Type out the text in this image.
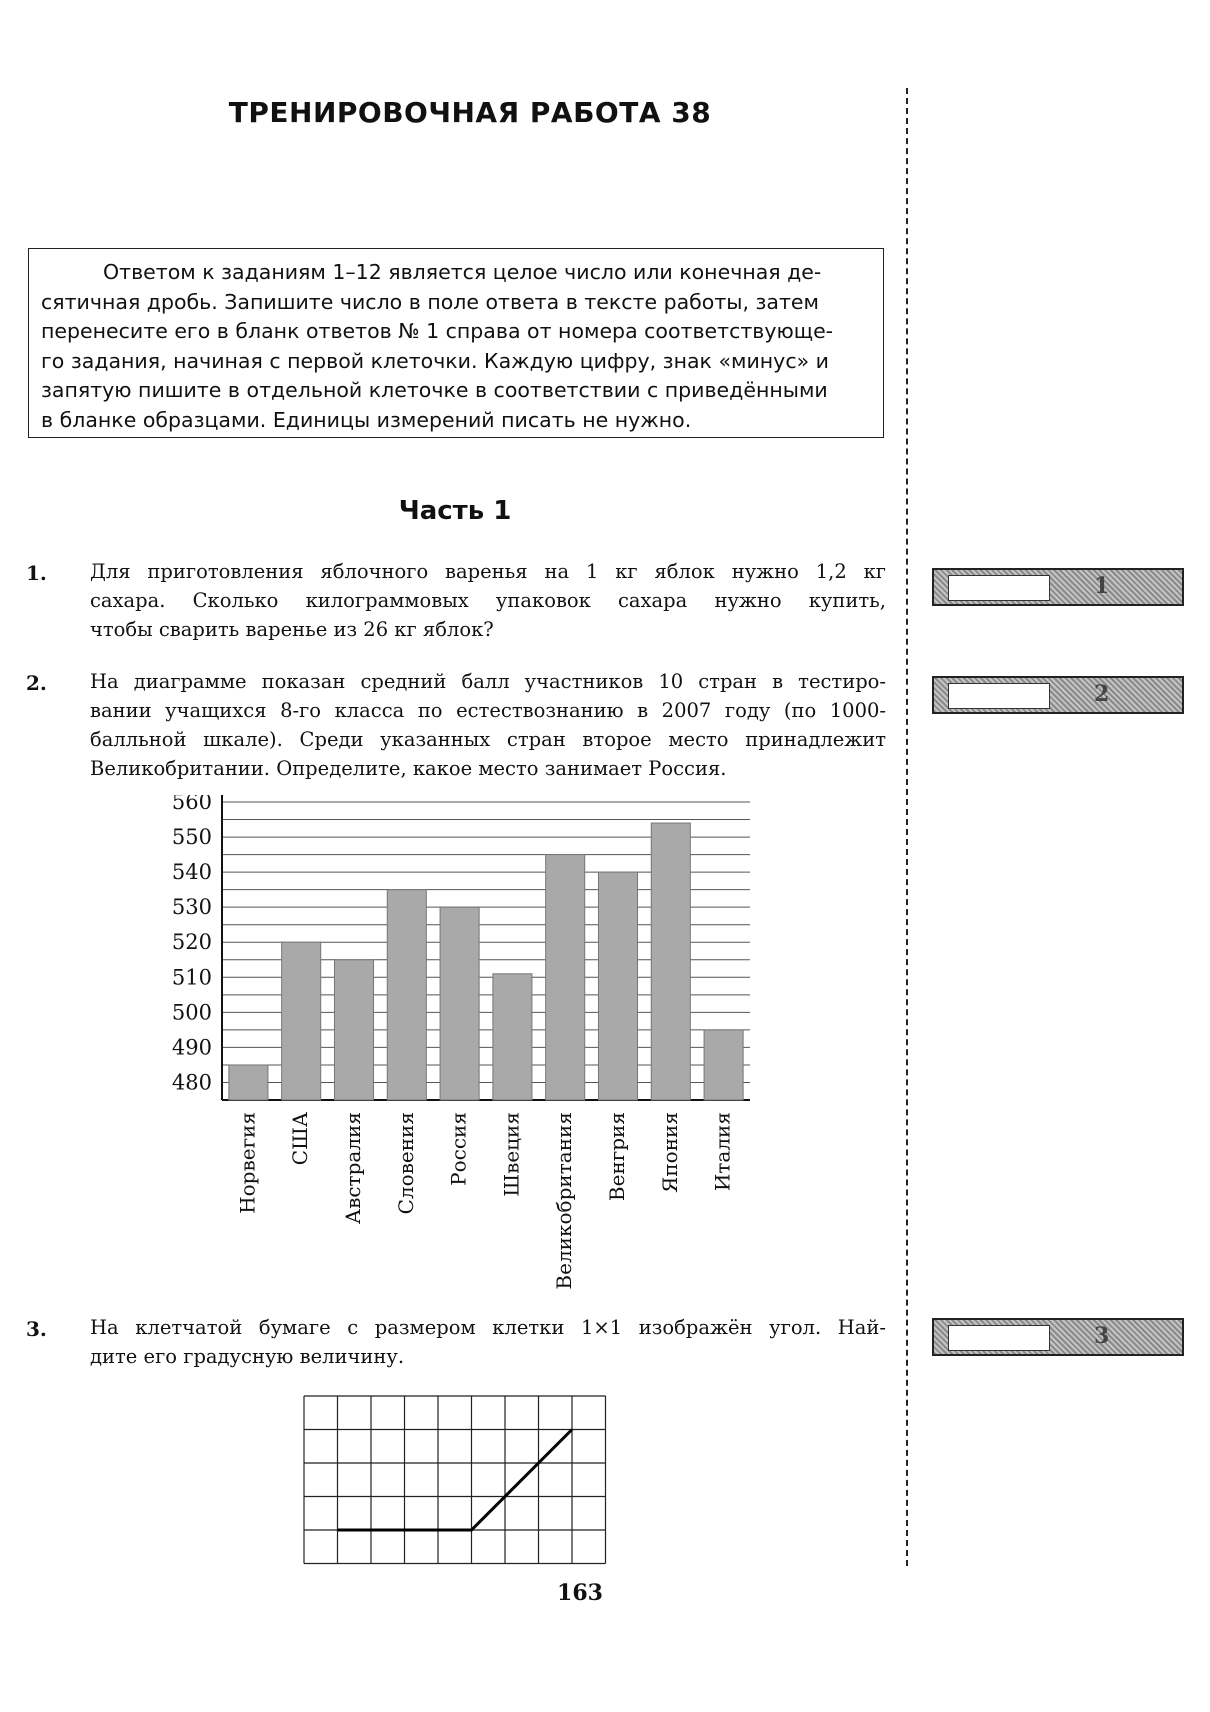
ТРЕНИРОВОЧНАЯ РАБОТА 38
Ответом к заданиям 1–12 является целое число или конечная де-
сятичная дробь. Запишите число в поле ответа в тексте работы, затем
перенесите его в бланк ответов № 1 справа от номера соответствующе-
го задания, начиная с первой клеточки. Каждую цифру, знак «минус» и
запятую пишите в отдельной клеточке в соответствии с приведёнными
в бланке образцами. Единицы измерений писать не нужно.
Часть 1
1. Для приготовления яблочного варенья на 1 кг яблок нужно 1,2 кг
сахара. Сколько килограммовых упаковок сахара нужно купить,
чтобы сварить варенье из 26 кг яблок?
2. На диаграмме показан средний балл участников 10 стран в тестиро-
вании учащихся 8-го класса по естествознанию в 2007 году (по 1000-
балльной шкале). Среди указанных стран второе место принадлежит
Великобритании. Определите, какое место занимает Россия.
480
490
500
510
520
530
540
550
560
Норвегия США Австралия Словения Россия Швеция Великобритания Венгрия Япония Италия
3. На клетчатой бумаге с размером клетки 1×1 изображён угол. Най-
дите его градусную величину.
1
2
3
163
